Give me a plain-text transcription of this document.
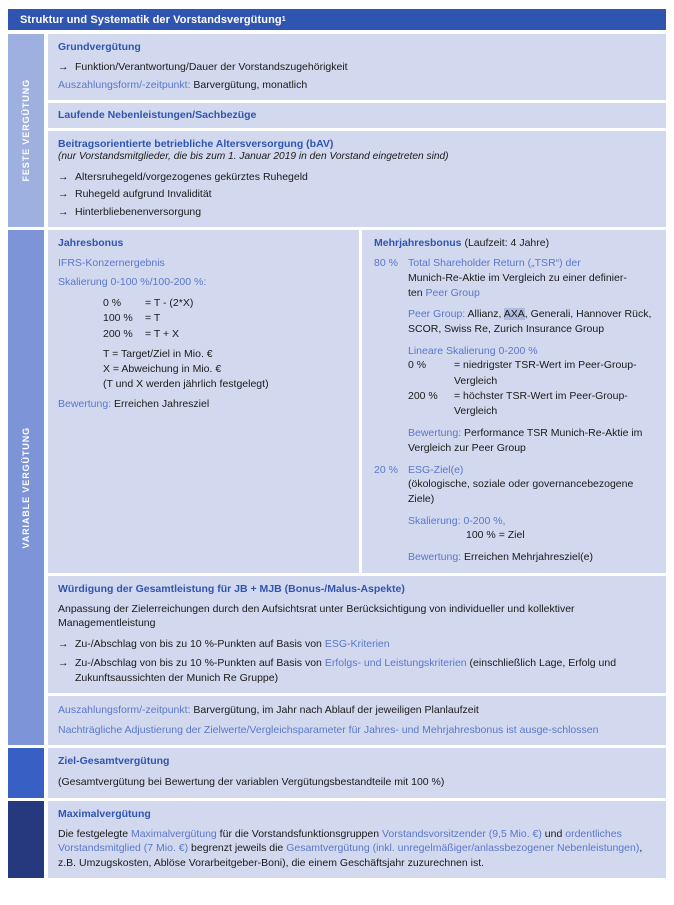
Struktur und Systematik der Vorstandsvergütung 1
FESTE VERGÜTUNG
Grundvergütung
→ Funktion/Verantwortung/Dauer der Vorstandszugehörigkeit

Auszahlungsform/-zeitpunkt: Barvergütung, monatlich

Laufende Nebenleistungen/Sachbezüge
Beitragsorientierte betriebliche Altersversorgung (bAV)
(nur Vorstandsmitglieder, die bis zum 1. Januar 2019 in den Vorstand eingetreten sind)
→ Altersruhegeld/vorgezogenes gekürztes Ruhegeld
→ Ruhegeld aufgrund Invalidität
→ Hinterbliebenenversorgung
VARIABLE VERGÜTUNG
Jahresbonus

IFRS-Konzernergebnis

Skalierung 0-100 %/100-200 %:

0 %	= T - (2*X)
100 %	= T
200 %	= T + X
T = Target/Ziel in Mio. €
X = Abweichung in Mio. €
(T und X werden jährlich festgelegt)

Bewertung: Erreichen Jahresziel

Mehrjahresbonus (Laufzeit: 4 Jahre)
80 % Total Shareholder Return („TSR“) der
Munich-Re-Aktie im Vergleich zu einer definier-
ten Peer Group
Peer Group: Allianz, AXA, Generali, Hannover Rück, SCOR, Swiss Re, Zurich Insurance Group
Lineare Skalierung 0-200 %
0 %	= niedrigster TSR-Wert im Peer-Group-
Vergleich
200 %	= höchster TSR-Wert im Peer-Group-
Vergleich
Bewertung: Performance TSR Munich-Re-Aktie im Vergleich zur Peer Group
20 % ESG-Ziel(e)
(ökologische, soziale oder governancebezogene Ziele)
Skalierung: 0-200 %,
100 % = Ziel
Bewertung: Erreichen Mehrjahresziel(e)
Würdigung der Gesamtleistung für JB + MJB (Bonus-/Malus-Aspekte)

Anpassung der Zielerreichungen durch den Aufsichtsrat unter Berücksichtigung von individueller und kollektiver Managementleistung

→ Zu-/Abschlag von bis zu 10 %-Punkten auf Basis von ESG-Kriterien
→ Zu-/Abschlag von bis zu 10 %-Punkten auf Basis von Erfolgs- und Leistungskriterien (einschließlich Lage, Erfolg und Zukunftsaussichten der Munich Re Gruppe)

Auszahlungsform/-zeitpunkt: Barvergütung, im Jahr nach Ablauf der jeweiligen Planlaufzeit

Nachträgliche Adjustierung der Zielwerte/Vergleichsparameter für Jahres- und Mehrjahresbonus ist ausge-schlossen

Ziel-Gesamtvergütung

(Gesamtvergütung bei Bewertung der variablen Vergütungsbestandteile mit 100 %)

Maximalvergütung

Die festgelegte Maximalvergütung für die Vorstandsfunktionsgruppen Vorstandsvorsitzender (9,5 Mio. €) und ordentliches Vorstandsmitglied (7 Mio. €) begrenzt jeweils die Gesamtvergütung (inkl. unregelmäßiger/anlassbezogener Nebenleistungen), z.B. Umzugskosten, Ablöse Vorarbeitgeber-Boni), die einem Geschäftsjahr zuzurechnen ist.
